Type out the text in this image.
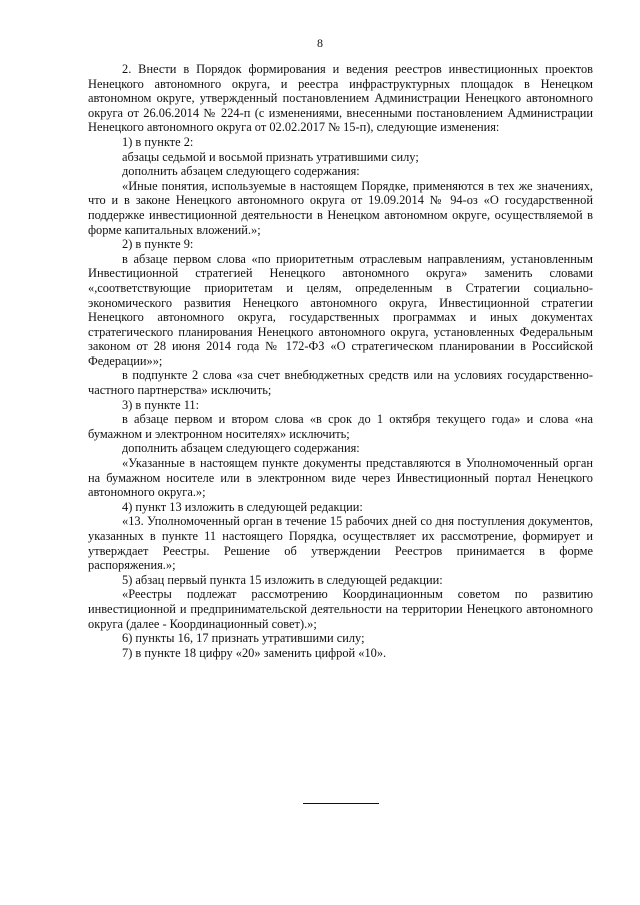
8

2. Внести в Порядок формирования и ведения реестров инвестиционных проектов Ненецкого автономного округа, и реестра инфраструктурных площадок в Ненецком автономном округе, утвержденный постановлением Администрации Ненецкого автономного округа от 26.06.2014 № 224-п (с изменениями, внесенными постановлением Администрации Ненецкого автономного округа от 02.02.2017 № 15-п), следующие изменения:

1) в пункте 2:

абзацы седьмой и восьмой признать утратившими силу;

дополнить абзацем следующего содержания:

«Иные понятия, используемые в настоящем Порядке, применяются в тех же значениях, что и в законе Ненецкого автономного округа от 19.09.2014 № 94-оз «О государственной поддержке инвестиционной деятельности в Ненецком автономном округе, осуществляемой в форме капитальных вложений.»;

2) в пункте 9:

в абзаце первом слова «по приоритетным отраслевым направлениям, установленным Инвестиционной стратегией Ненецкого автономного округа» заменить словами «,соответствующие приоритетам и целям, определенным в Стратегии социально-экономического развития Ненецкого автономного округа, Инвестиционной стратегии Ненецкого автономного округа, государственных программах и иных документах стратегического планирования Ненецкого автономного округа, установленных Федеральным законом от 28 июня 2014 года № 172-ФЗ «О стратегическом планировании в Российской Федерации»»;

в подпункте 2 слова «за счет внебюджетных средств или на условиях государственно-частного партнерства» исключить;

3) в пункте 11:

в абзаце первом и втором слова «в срок до 1 октября текущего года» и слова «на бумажном и электронном носителях» исключить;

дополнить абзацем следующего содержания:

«Указанные в настоящем пункте документы представляются в Уполномоченный орган на бумажном носителе или в электронном виде через Инвестиционный портал Ненецкого автономного округа.»;

4) пункт 13 изложить в следующей редакции:

«13. Уполномоченный орган в течение 15 рабочих дней со дня поступления документов, указанных в пункте 11 настоящего Порядка, осуществляет их рассмотрение, формирует и утверждает Реестры. Решение об утверждении Реестров принимается в форме распоряжения.»;

5) абзац первый пункта 15 изложить в следующей редакции:

«Реестры подлежат рассмотрению Координационным советом по развитию инвестиционной и предпринимательской деятельности на территории Ненецкого автономного округа (далее - Координационный совет).»;

6) пункты 16, 17 признать утратившими силу;

7) в пункте 18 цифру «20» заменить цифрой «10».
